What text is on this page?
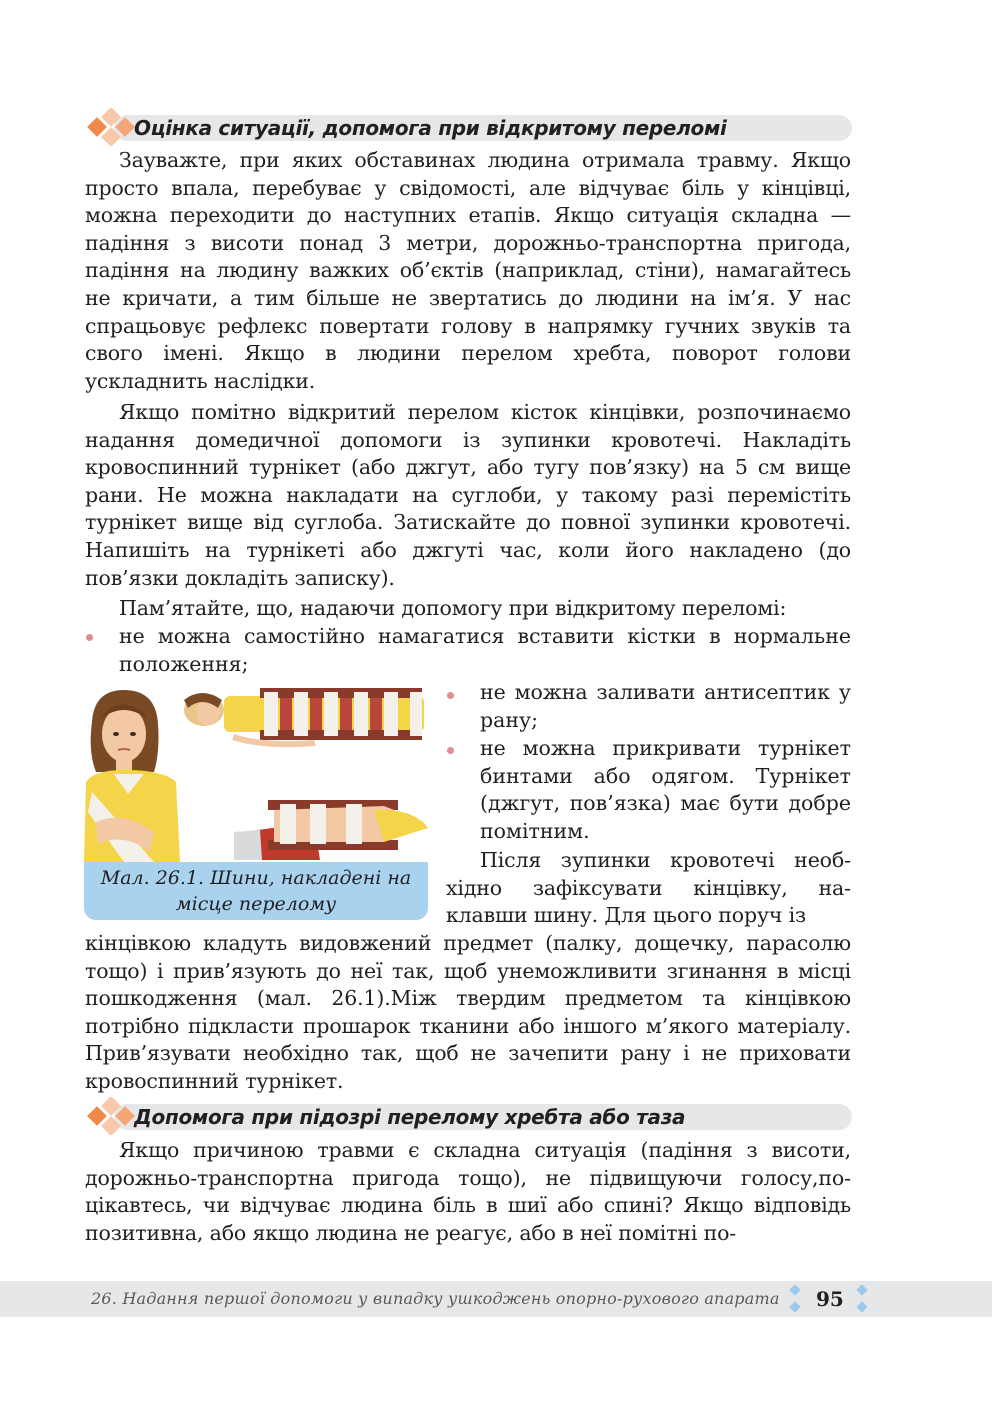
Оцінка ситуації, допомога при відкритому переломі

Зауважте, при яких обставинах людина отримала травму. Якщо просто впала, перебуває у свідомості, але відчуває біль у кінцівці, можна переходити до наступних етапів. Якщо ситуація складна — падіння з висоти понад 3 метри, дорожньо-транспортна пригода, падіння на людину важких об’єктів (наприклад, стіни), намагайтесь не кричати, а тим більше не звертатись до людини на ім’я. У нас спрацьовує рефлекс повертати голову в напрямку гучних звуків та свого імені. Якщо в людини перелом хребта, поворот голови ускладнить наслідки.

Якщо помітно відкритий перелом кісток кінцівки, розпочинаємо надання домедичної допомоги із зупинки кровотечі. Накладіть кровоспинний турнікет (або джгут, або тугу пов’язку) на 5 см вище рани. Не можна накладати на суглоби, у такому разі перемістіть турнікет вище від суглоба. Затискайте до повної зупинки кровотечі. Напишіть на турнікеті або джгуті час, коли його накладено (до пов’язки докладіть записку).

Пам’ятайте, що, надаючи допомогу при відкритому переломі:

не можна самостійно намагатися вставити кістки в нормальне положення;

Мал. 26.1. Шини, накладені на місце перелому

не можна заливати антисептик у рану;

не можна прикривати турнікет бинтами або одягом. Турнікет (джгут, пов’язка) має бути добре помітним.

Після зупинки кровотечі необхідно зафіксувати кінцівку, наклавши шину. Для цього поруч із

кінцівкою кладуть видовжений предмет (палку, дощечку, парасолю тощо) і прив’язують до неї так, щоб унеможливити згинання в місці пошкодження (мал. 26.1).Між твердим предметом та кінцівкою потрібно підкласти прошарок тканини або іншого м’якого матеріалу. Прив’язувати необхідно так, щоб не зачепити рану і не приховати кровоспинний турнікет.

Допомога при підозрі перелому хребта або таза

Якщо причиною травми є складна ситуація (падіння з висоти, дорожньо-транспортна пригода тощо), не підвищуючи голосу,поцікавтесь, чи відчуває людина біль в шиї або спині? Якщо відповідь позитивна, або якщо людина не реагує, або в неї помітні по-

26. Надання першої допомоги у випадку ушкоджень опорно-рухового апарата 95
